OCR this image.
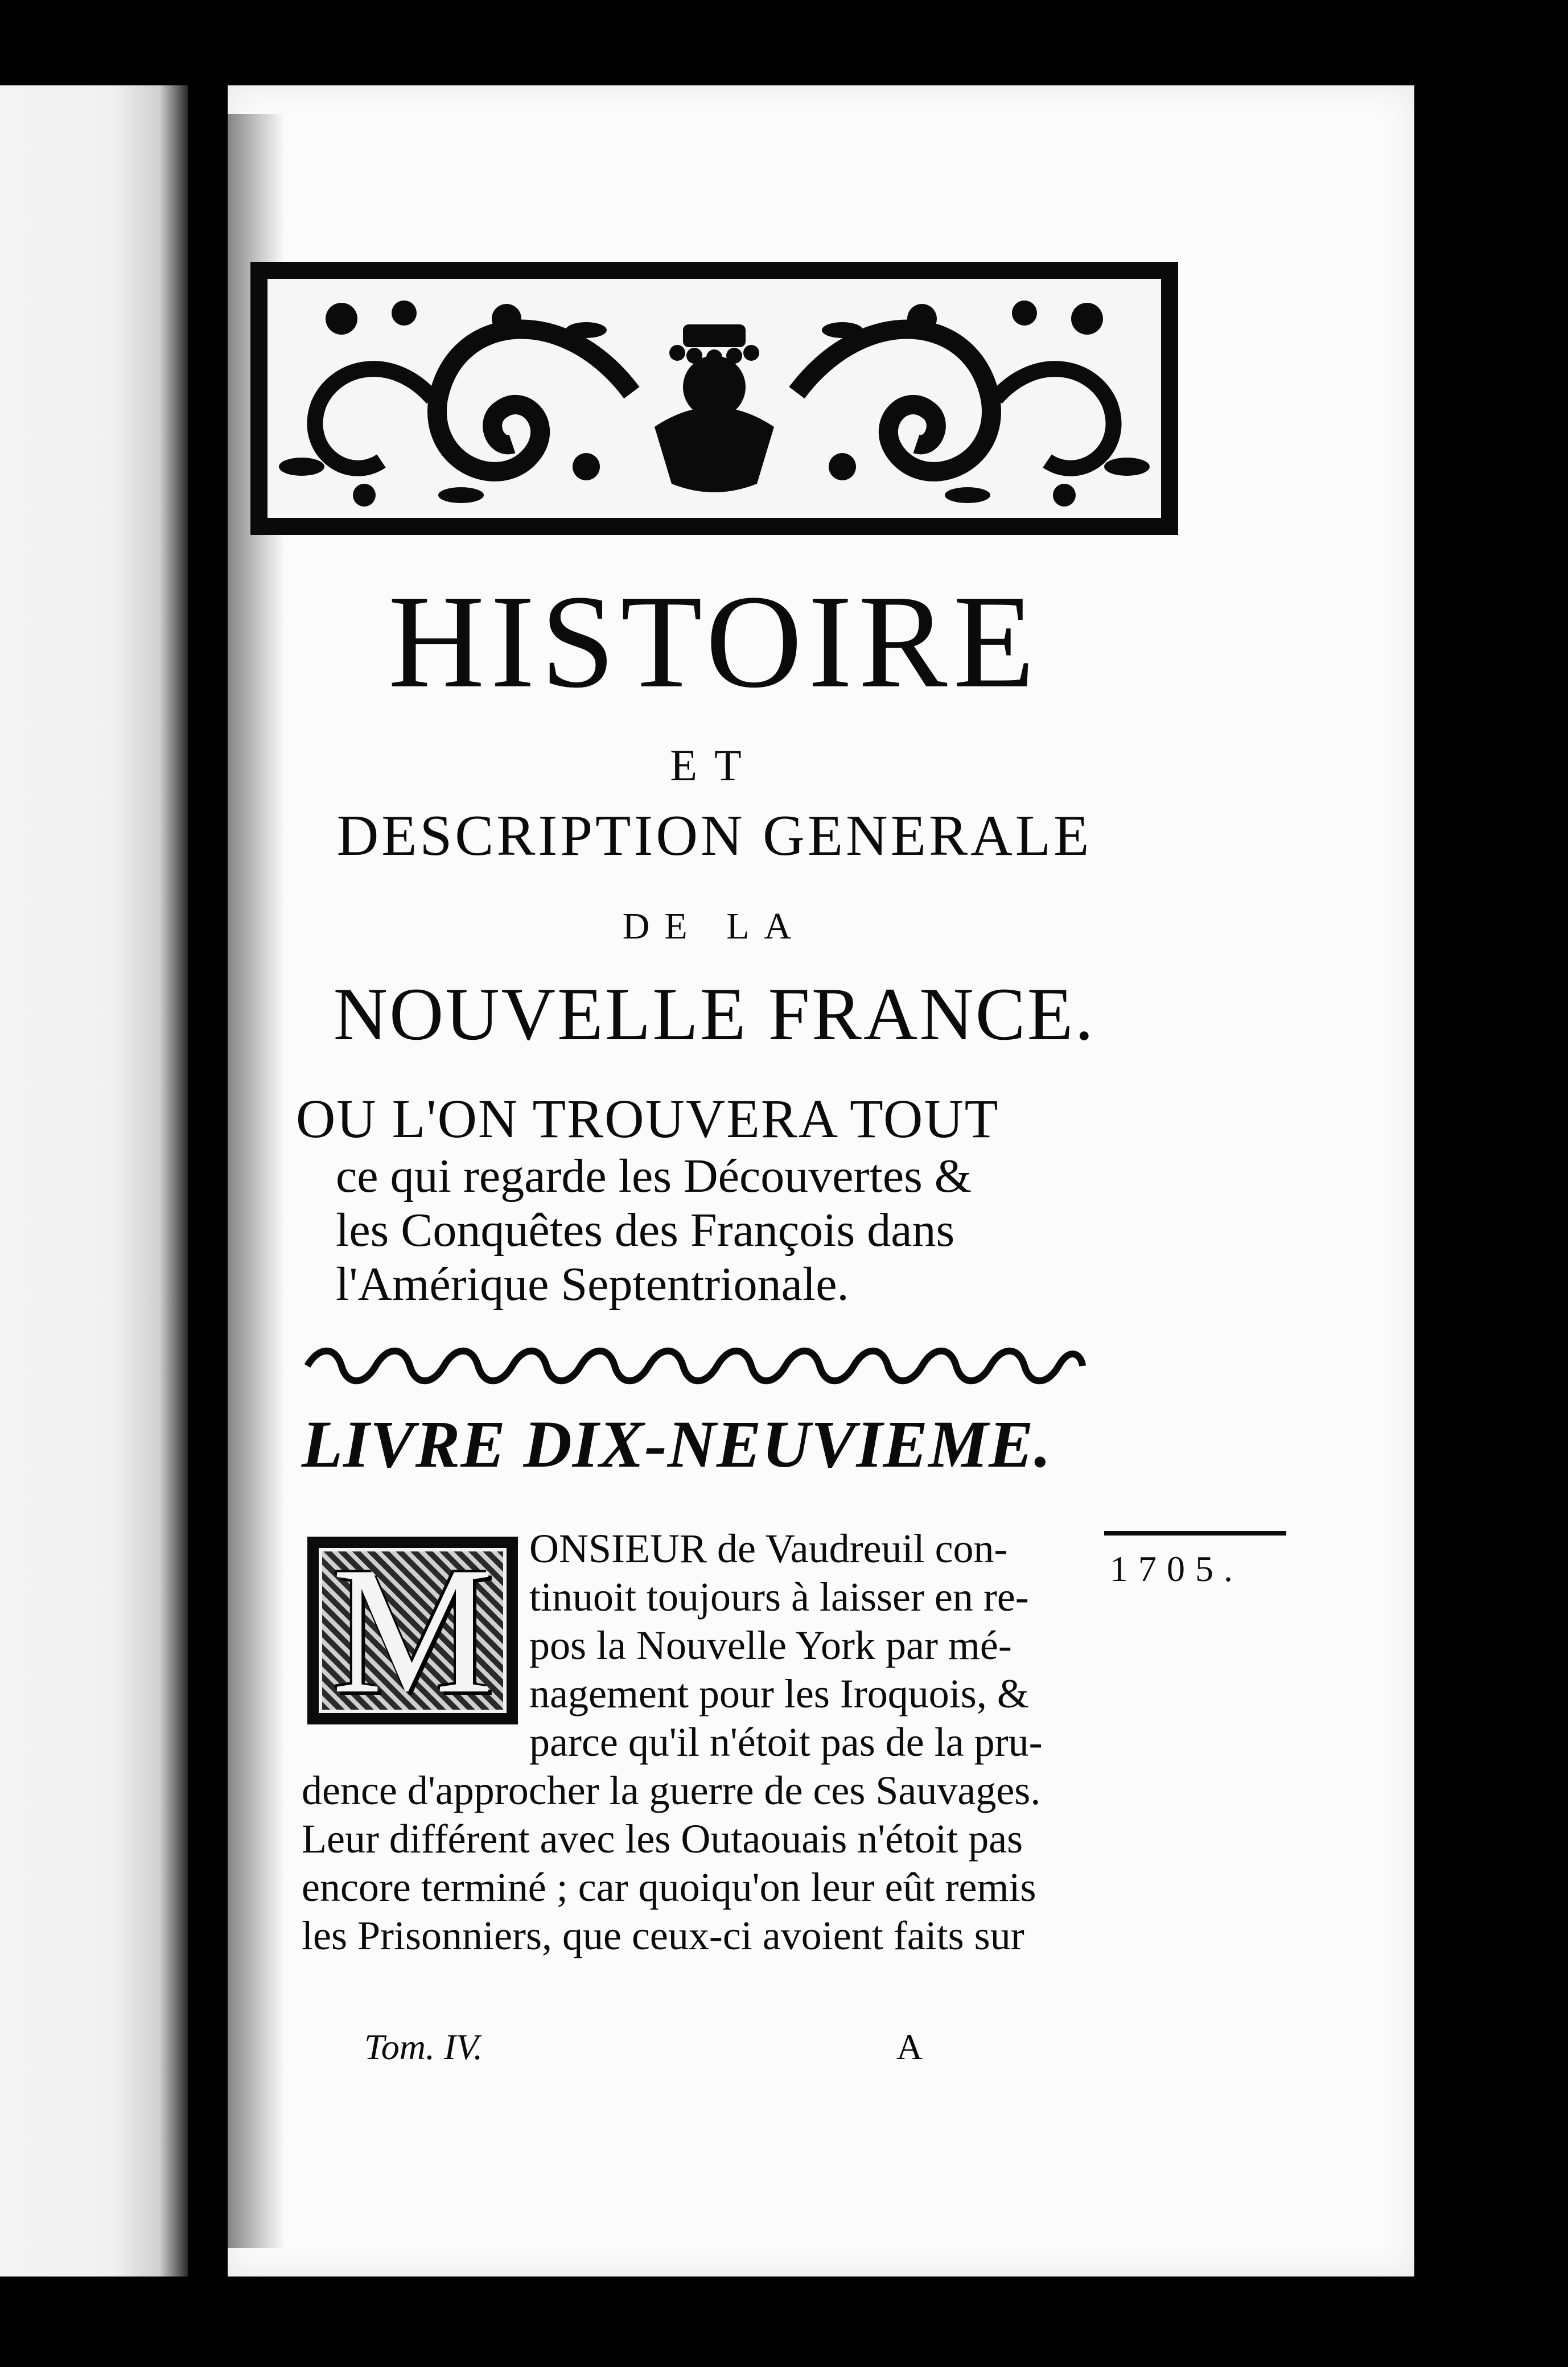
HISTOIRE
ET
DESCRIPTION GENERALE
DE LA
NOUVELLE FRANCE.
OU L'ON TROUVERA TOUT
ce qui regarde les Découvertes &
les Conquêtes des François dans
l'Amérique Septentrionale.
LIVRE DIX-NEUVIEME.
M	1705.
ONSIEUR de Vaudreuil con-
tinuoit toujours à laisser en re-
pos la Nouvelle York par mé-
nagement pour les Iroquois, &
parce qu'il n'étoit pas de la pru-
dence d'approcher la guerre de ces Sauvages.
Leur différent avec les Outaouais n'étoit pas
encore terminé ; car quoiqu'on leur eût remis
les Prisonniers, que ceux-ci avoient faits sur
Tom. IV.	A
